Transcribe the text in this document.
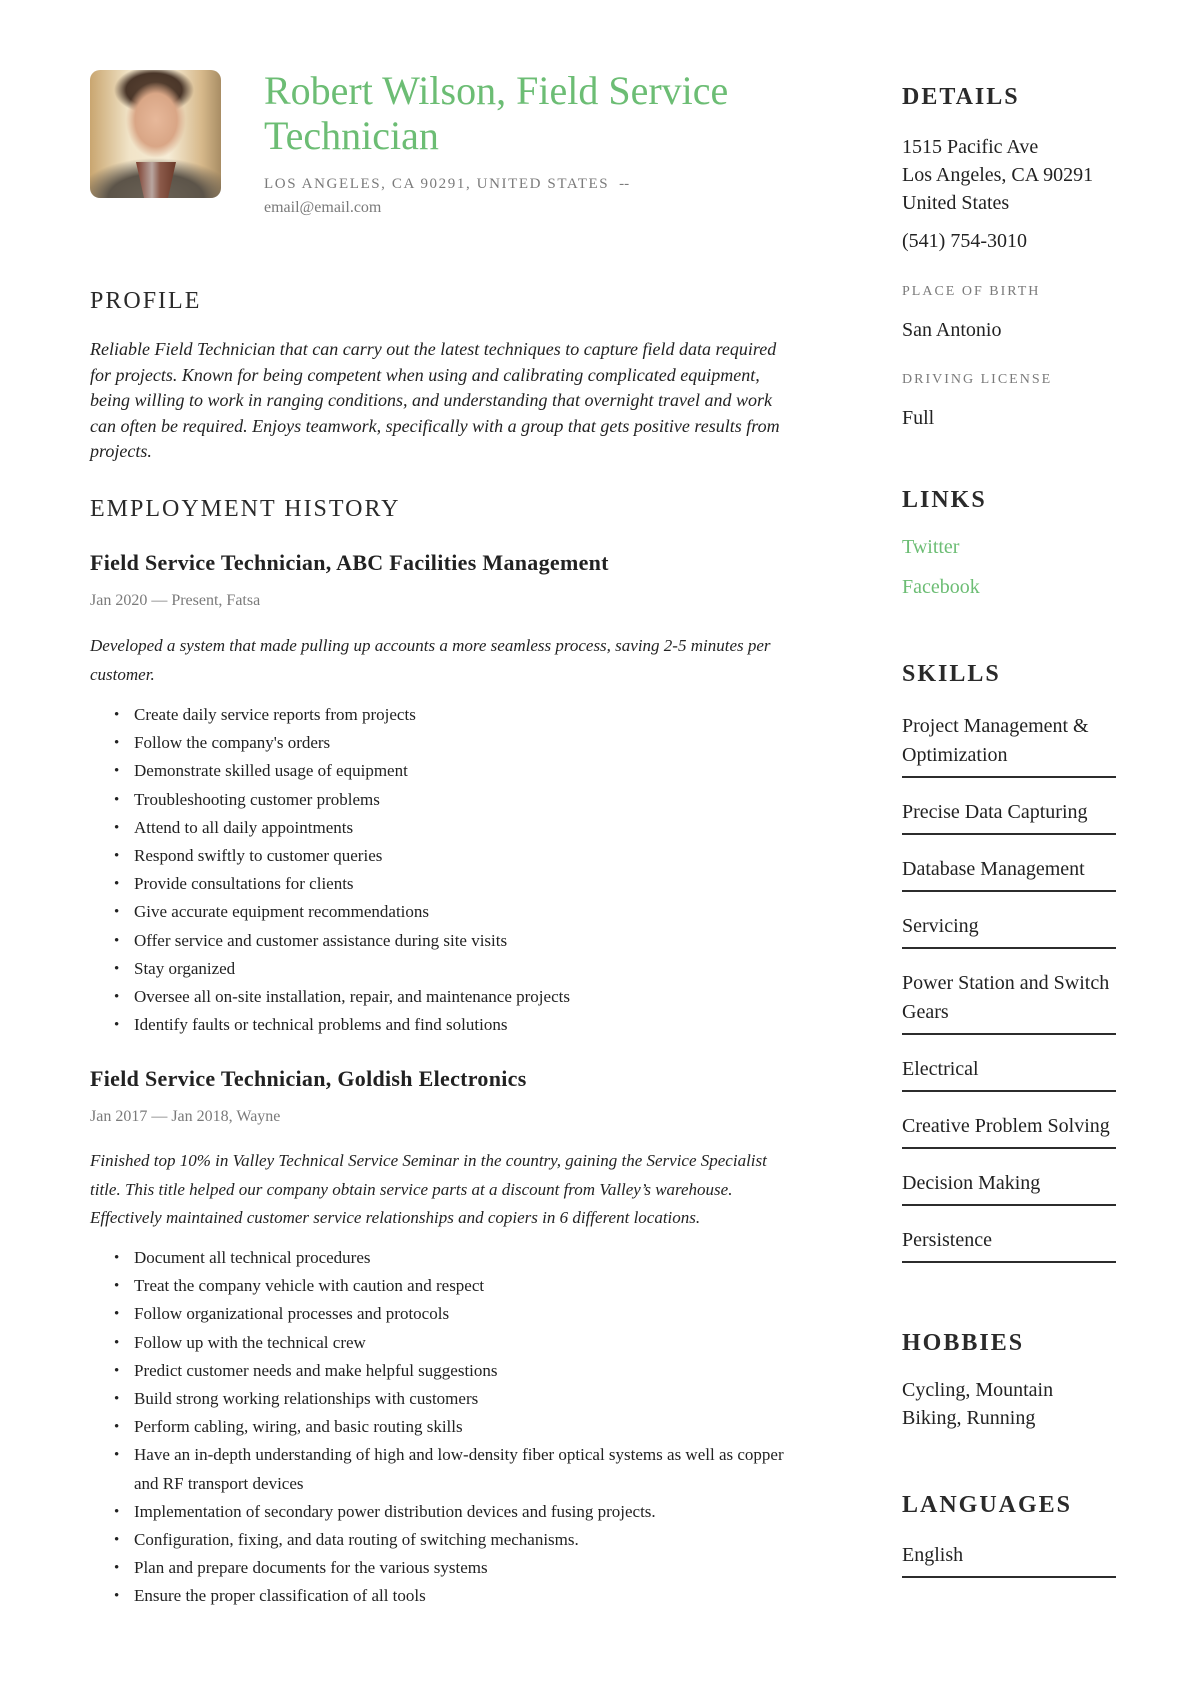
Robert Wilson, Field Service Technician
LOS ANGELES, CA 90291, UNITED STATES --
email@email.com
PROFILE

Reliable Field Technician that can carry out the latest techniques to capture field data required for projects. Known for being competent when using and calibrating complicated equipment, being willing to work in ranging conditions, and understanding that overnight travel and work can often be required. Enjoys teamwork, specifically with a group that gets positive results from projects.

EMPLOYMENT HISTORY
Field Service Technician, ABC Facilities Management
Jan 2020 — Present, Fatsa

Developed a system that made pulling up accounts a more seamless process, saving 2-5 minutes per customer.

• Create daily service reports from projects
• Follow the company's orders
• Demonstrate skilled usage of equipment
• Troubleshooting customer problems
• Attend to all daily appointments
• Respond swiftly to customer queries
• Provide consultations for clients
• Give accurate equipment recommendations
• Offer service and customer assistance during site visits
• Stay organized
• Oversee all on-site installation, repair, and maintenance projects
• Identify faults or technical problems and find solutions
Field Service Technician, Goldish Electronics
Jan 2017 — Jan 2018, Wayne

Finished top 10% in Valley Technical Service Seminar in the country, gaining the Service Specialist title. This title helped our company obtain service parts at a discount from Valley’s warehouse. Effectively maintained customer service relationships and copiers in 6 different locations.

• Document all technical procedures
• Treat the company vehicle with caution and respect
• Follow organizational processes and protocols
• Follow up with the technical crew
• Predict customer needs and make helpful suggestions
• Build strong working relationships with customers
• Perform cabling, wiring, and basic routing skills
• Have an in-depth understanding of high and low-density fiber optical systems as well as copper and RF transport devices
• Implementation of secondary power distribution devices and fusing projects.
• Configuration, fixing, and data routing of switching mechanisms.
• Plan and prepare documents for the various systems
• Ensure the proper classification of all tools
DETAILS
1515 Pacific Ave
Los Angeles, CA 90291
United States
(541) 754-3010
PLACE OF BIRTH
San Antonio
DRIVING LICENSE
Full
LINKS
Twitter
Facebook
SKILLS
Project Management & Optimization
Precise Data Capturing
Database Management
Servicing
Power Station and Switch Gears
Electrical
Creative Problem Solving
Decision Making
Persistence
HOBBIES
Cycling, Mountain Biking, Running
LANGUAGES
English
